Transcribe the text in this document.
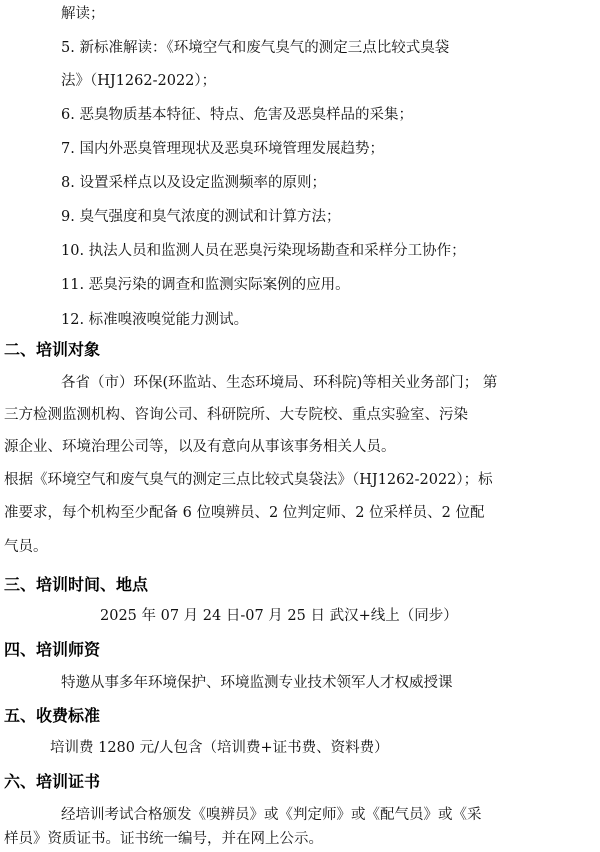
解读；
5. 新标准解读：《环境空气和废气臭气的测定三点比较式臭袋
法》（HJ1262-2022）；
6. 恶臭物质基本特征、特点、危害及恶臭样品的采集；
7. 国内外恶臭管理现状及恶臭环境管理发展趋势；
8. 设置采样点以及设定监测频率的原则；
9. 臭气强度和臭气浓度的测试和计算方法；
10. 执法人员和监测人员在恶臭污染现场勘查和采样分工协作；
11. 恶臭污染的调查和监测实际案例的应用。
12. 标准嗅液嗅觉能力测试。
二、培训对象
各省（市）环保(环监站、生态环境局、环科院)等相关业务部门； 第
三方检测监测机构、咨询公司、科研院所、大专院校、重点实验室、污染
源企业、环境治理公司等，以及有意向从事该事务相关人员。
根据《环境空气和废气臭气的测定三点比较式臭袋法》（HJ1262-2022）；标
准要求，每个机构至少配备 6 位嗅辨员、2 位判定师、2 位采样员、2 位配
气员。
三、培训时间、地点
2025 年 07 月 24 日-07 月 25 日 武汉+线上（同步）
四、培训师资
特邀从事多年环境保护、环境监测专业技术领军人才权威授课
五、收费标准
培训费 1280 元/人包含（培训费+证书费、资料费）
六、培训证书
经培训考试合格颁发《嗅辨员》或《判定师》或《配气员》或《采
样员》资质证书。证书统一编号，并在网上公示。
